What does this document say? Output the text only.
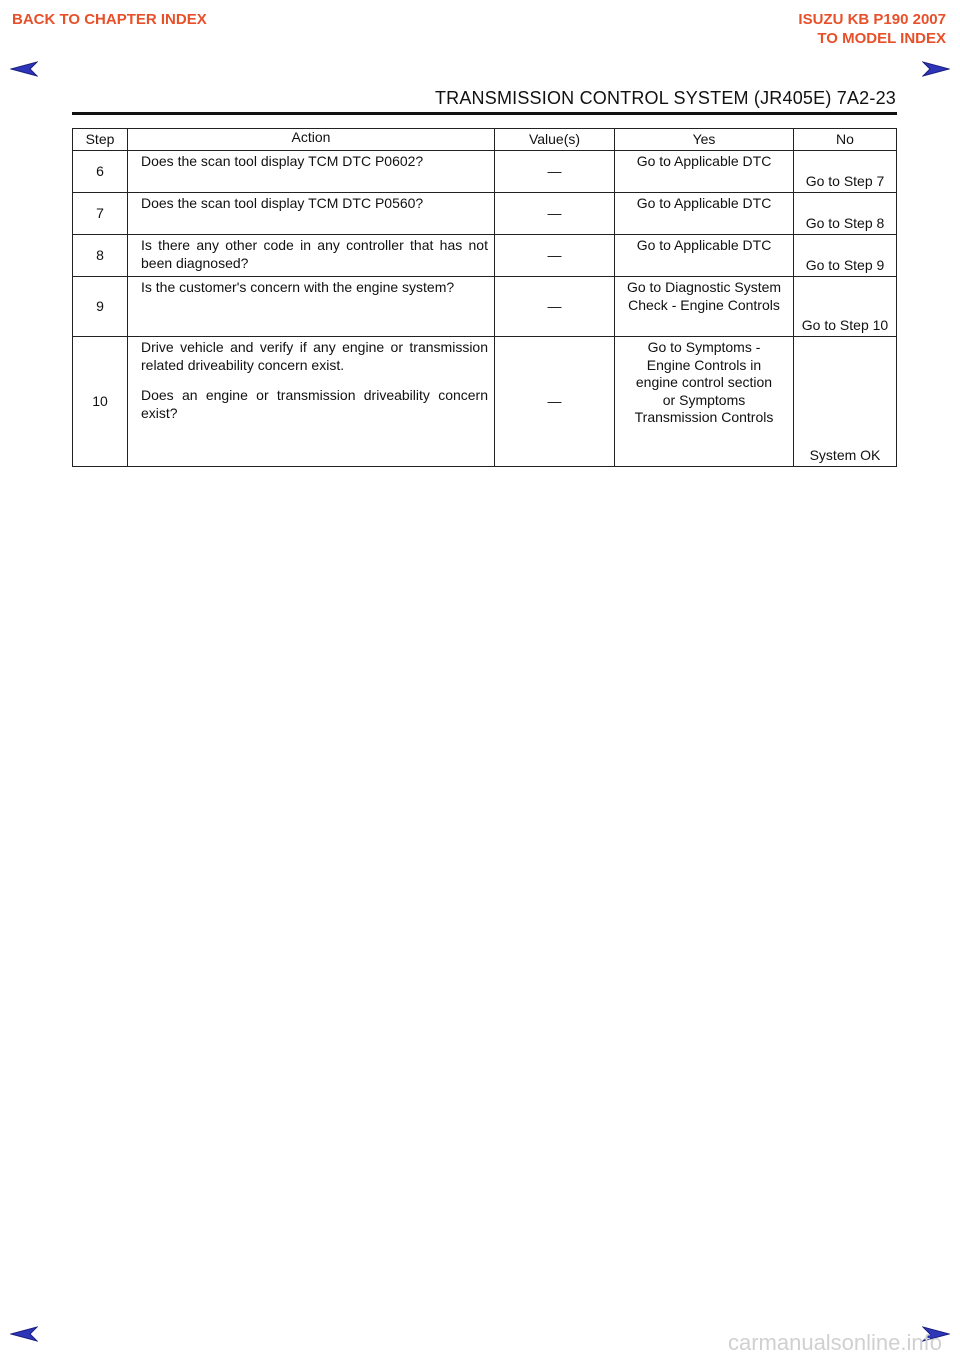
BACK TO CHAPTER INDEX	ISUZU KB P190 2007
TO MODEL INDEX
TRANSMISSION CONTROL SYSTEM (JR405E) 7A2-23
Step	Action	Value(s)	Yes	No
6	Does the scan tool display TCM DTC P0602?	—	Go to Applicable DTC	Go to Step 7
7	Does the scan tool display TCM DTC P0560?	—	Go to Applicable DTC	Go to Step 8
8	Is there any other code in any controller that has not been diagnosed?	—	Go to Applicable DTC	Go to Step 9
9	Is the customer's concern with the engine system?	—	Go to Diagnostic System Check - Engine Controls	Go to Step 10
10	Drive vehicle and verify if any engine or transmission related driveability concern exist.

Does an engine or transmission driveability concern exist?	—	Go to Symptoms - Engine Controls in engine control section or Symptoms Transmission Controls	System OK
carmanualsonline.info
